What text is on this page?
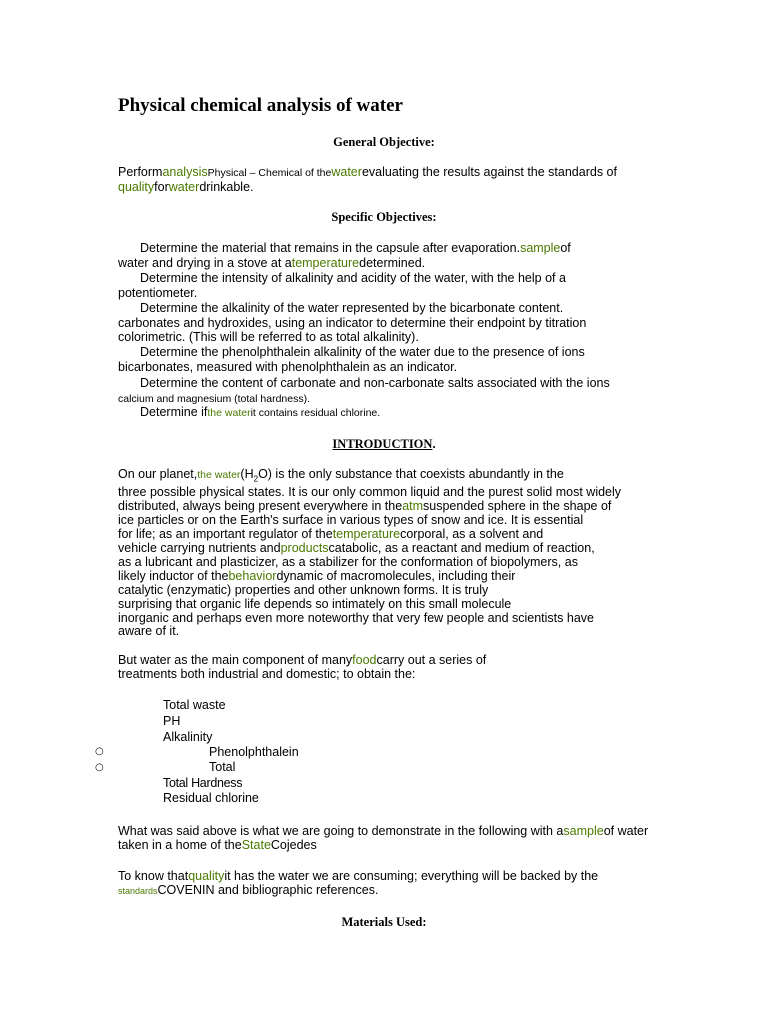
Physical chemical analysis of water

General Objective:

PerformanalysisPhysical – Chemical of thewaterevaluating the results against the standards of
qualityforwaterdrinkable.

Specific Objectives:

Determine the material that remains in the capsule after evaporation.sampleof
water and drying in a stove at atemperaturedetermined.

Determine the intensity of alkalinity and acidity of the water, with the help of a
potentiometer.

Determine the alkalinity of the water represented by the bicarbonate content.
carbonates and hydroxides, using an indicator to determine their endpoint by titration
colorimetric. (This will be referred to as total alkalinity).

Determine the phenolphthalein alkalinity of the water due to the presence of ions
bicarbonates, measured with phenolphthalein as an indicator.

Determine the content of carbonate and non-carbonate salts associated with the ions
calcium and magnesium (total hardness).

Determine ifthe waterit contains residual chlorine.

INTRODUCTION.

On our planet,the $water(H_2O)$ is the only substance that coexists abundantly in the
three possible physical states. It is our only common liquid and the purest solid most widely
distributed, always being present everywhere in theatmsuspended sphere in the shape of
ice particles or on the Earth's surface in various types of snow and ice. It is essential
for life; as an important regulator of thetemperaturecorporal, as a solvent and
vehicle carrying nutrients andproductscatabolic, as a reactant and medium of reaction,
as a lubricant and plasticizer, as a stabilizer for the conformation of biopolymers, as
likely inductor of thebehaviordynamic of macromolecules, including their
catalytic (enzymatic) properties and other unknown forms. It is truly
surprising that organic life depends so intimately on this small molecule
inorganic and perhaps even more noteworthy that very few people and scientists have
aware of it.

But water as the main component of manyfoodcarry out a series of
treatments both industrial and domestic; to obtain the:

Total waste

PH

Alkalinity

○	Phenolphthalein

○	Total

Total Hardness

Residual chlorine

What was said above is what we are going to demonstrate in the following with asampleof water
taken in a home of theStateCojedes

To know thatqualityit has the water we are consuming; everything will be backed by the
standardsCOVENIN and bibliographic references.

Materials Used:
